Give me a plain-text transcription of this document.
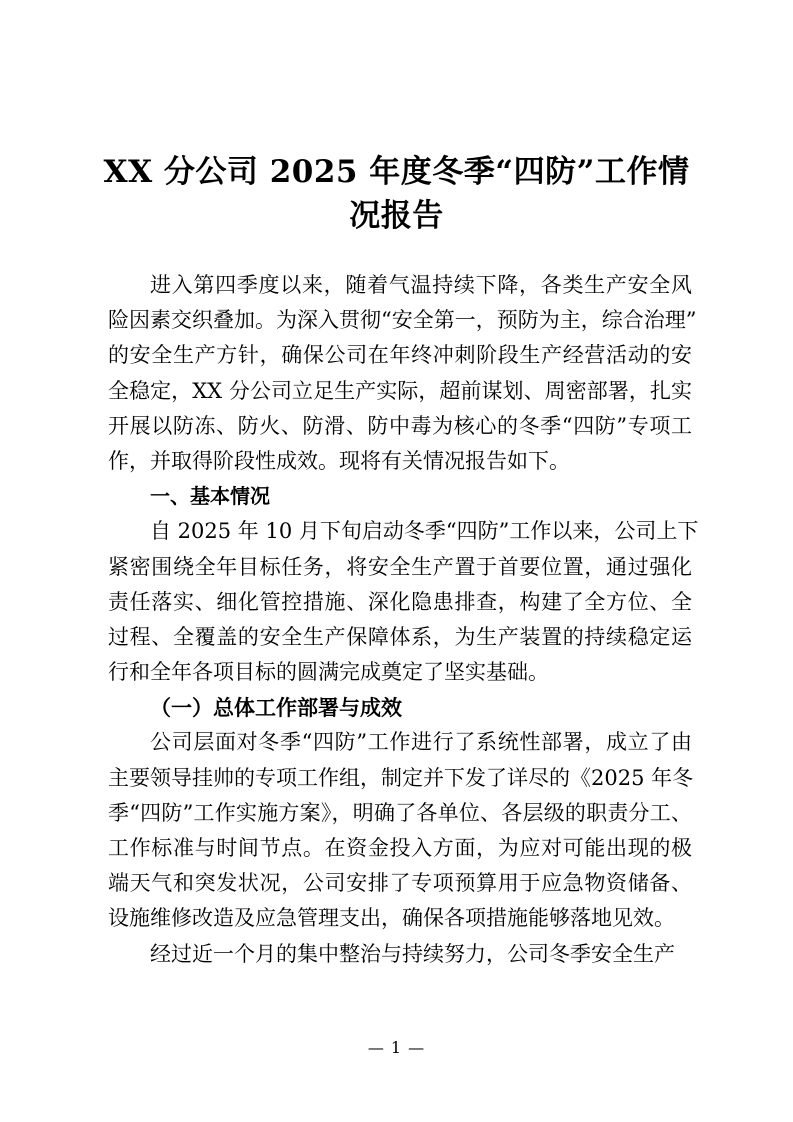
XX 分公司 2025 年度冬季“四防”工作情
况报告
进入第四季度以来，随着气温持续下降，各类生产安全风
险因素交织叠加。为深入贯彻“安全第一，预防为主，综合治理”
的安全生产方针，确保公司在年终冲刺阶段生产经营活动的安
全稳定，XX 分公司立足生产实际，超前谋划、周密部署，扎实
开展以防冻、防火、防滑、防中毒为核心的冬季“四防”专项工
作，并取得阶段性成效。现将有关情况报告如下。
一、基本情况
自 2025 年 10 月下旬启动冬季“四防”工作以来，公司上下
紧密围绕全年目标任务，将安全生产置于首要位置，通过强化
责任落实、细化管控措施、深化隐患排查，构建了全方位、全
过程、全覆盖的安全生产保障体系，为生产装置的持续稳定运
行和全年各项目标的圆满完成奠定了坚实基础。
（一）总体工作部署与成效
公司层面对冬季“四防”工作进行了系统性部署，成立了由
主要领导挂帅的专项工作组，制定并下发了详尽的《2025 年冬
季“四防”工作实施方案》，明确了各单位、各层级的职责分工、
工作标准与时间节点。在资金投入方面，为应对可能出现的极
端天气和突发状况，公司安排了专项预算用于应急物资储备、
设施维修改造及应急管理支出，确保各项措施能够落地见效。
经过近一个月的集中整治与持续努力，公司冬季安全生产
— 1 —
